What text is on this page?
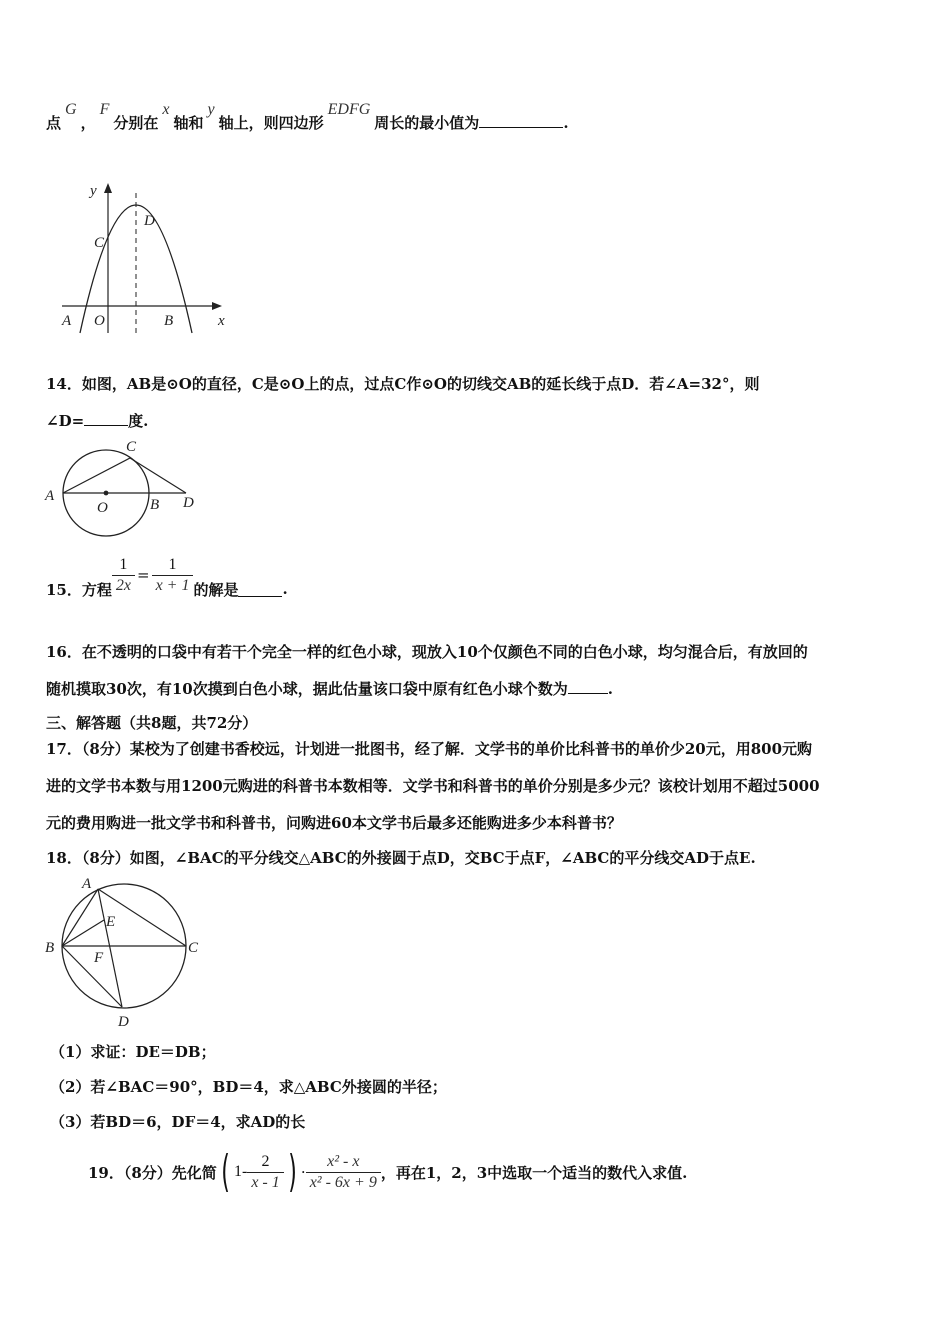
点G，F分别在x轴和y轴上，则四边形EDFG周长的最小值为	.
y
x
A O	B
C
D
14．如图，AB是⊙O的直径，C是⊙O上的点，过点C作⊙O的切线交AB的延长线于点D．若∠A=32°，则
∠D=	度.
A
O	B
C
D
15．方程 $\frac{1}{2x} = \frac{1}{x + 1}$ 的解是	.
16．在不透明的口袋中有若干个完全一样的红色小球，现放入10个仅颜色不同的白色小球，均匀混合后，有放回的
随机摸取30次，有10次摸到白色小球，据此估量该口袋中原有红色小球个数为	.
三、解答题（共8题，共72分）
17．（8分）某校为了创建书香校远，计划进一批图书，经了解．文学书的单价比科普书的单价少20元，用800元购
进的文学书本数与用1200元购进的科普书本数相等．文学书和科普书的单价分别是多少元？该校计划用不超过5000
元的费用购进一批文学书和科普书，问购进60本文学书后最多还能购进多少本科普书？
18．（8分）如图，∠BAC的平分线交△ABC的外接圆于点D，交BC于点F，∠ABC的平分线交AD于点E.
A
E
B	C
F
D
（1）求证：DE＝DB；
（2）若∠BAC＝90°，BD＝4，求△ABC外接圆的半径；
（3）若BD＝6，DF＝4，求AD的长
19．（8分）先化简 ( $1- \frac{2}{x - 1}$ ) · $\frac{\text{x² - x}}{\text{x² - 6x + 9}}$ ，再在1，2，3中选取一个适当的数代入求值.
